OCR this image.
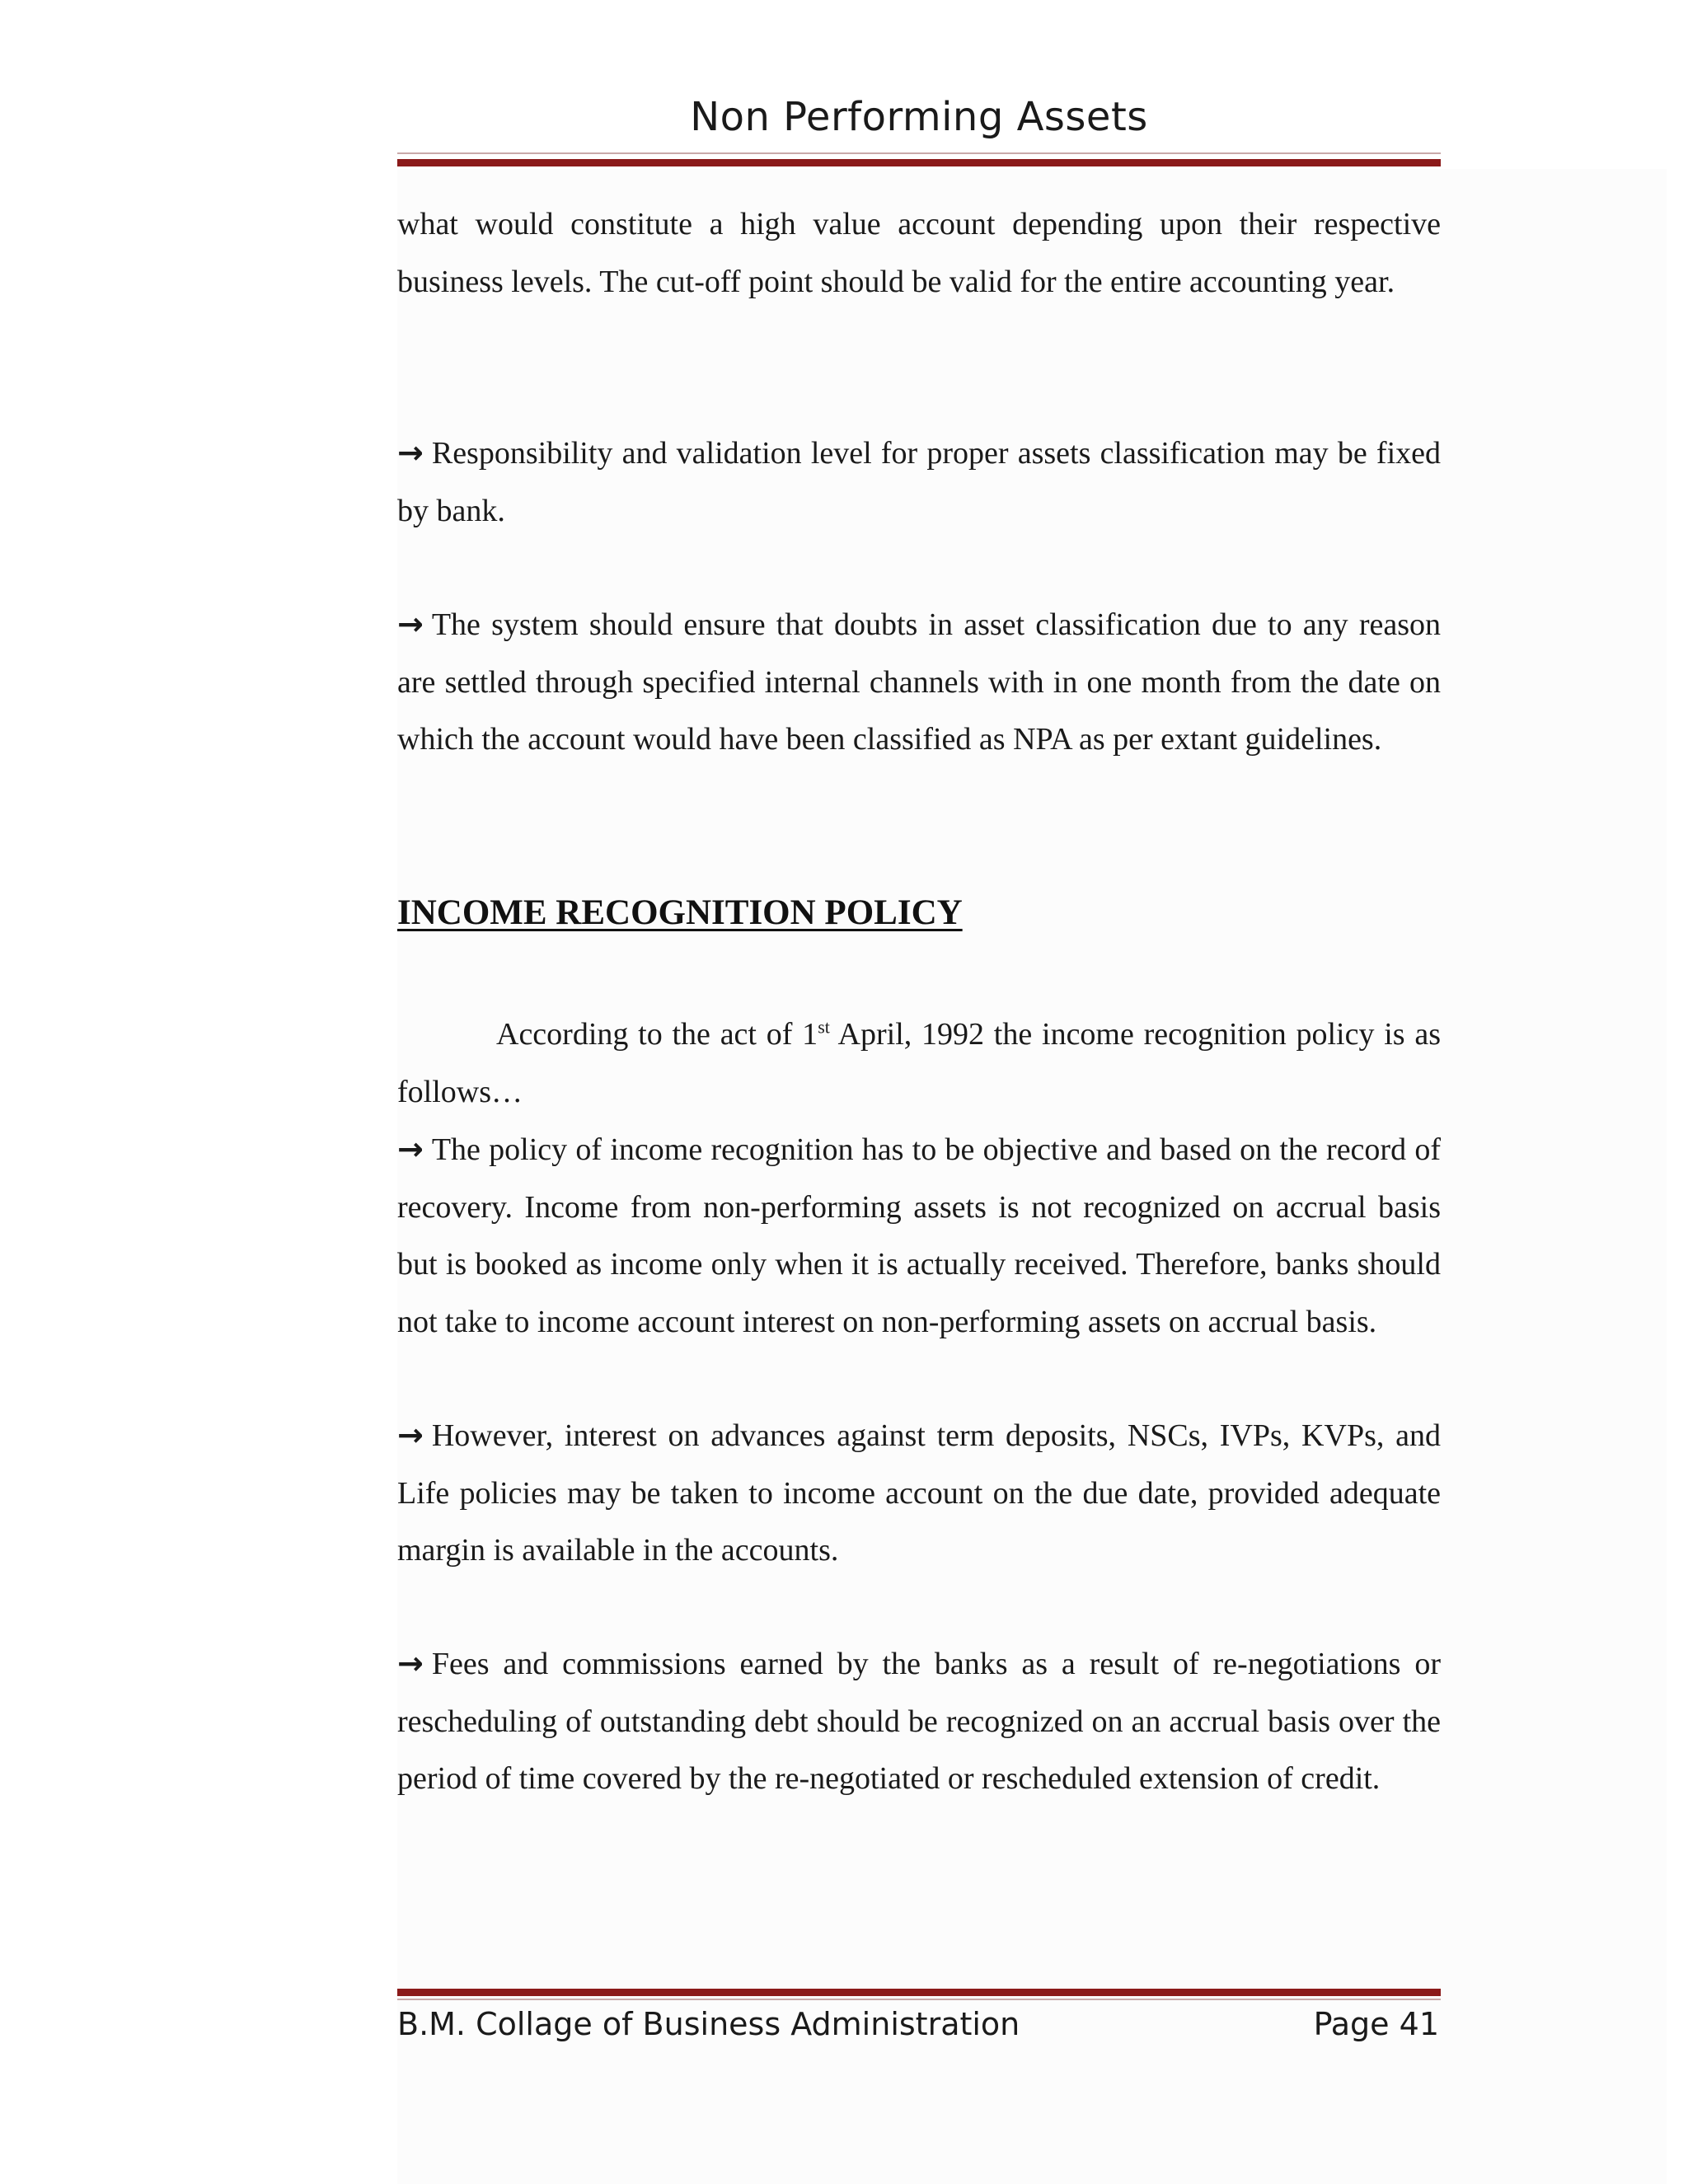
Non Performing Assets

what would constitute a high value account depending upon their respective business levels. The cut-off point should be valid for the entire accounting year.

→ Responsibility and validation level for proper assets classification may be fixed by bank.

→ The system should ensure that doubts in asset classification due to any reason are settled through specified internal channels with in one month from the date on which the account would have been classified as NPA as per extant guidelines.

INCOME RECOGNITION POLICY

According to the act of 1st April, 1992 the income recognition policy is as follows…

→ The policy of income recognition has to be objective and based on the record of recovery. Income from non-performing assets is not recognized on accrual basis but is booked as income only when it is actually received. Therefore, banks should not take to income account interest on non-performing assets on accrual basis.

→ However, interest on advances against term deposits, NSCs, IVPs, KVPs, and Life policies may be taken to income account on the due date, provided adequate margin is available in the accounts.

→ Fees and commissions earned by the banks as a result of re-negotiations or rescheduling of outstanding debt should be recognized on an accrual basis over the period of time covered by the re-negotiated or rescheduled extension of credit.

B.M. Collage of Business Administration	Page 41
